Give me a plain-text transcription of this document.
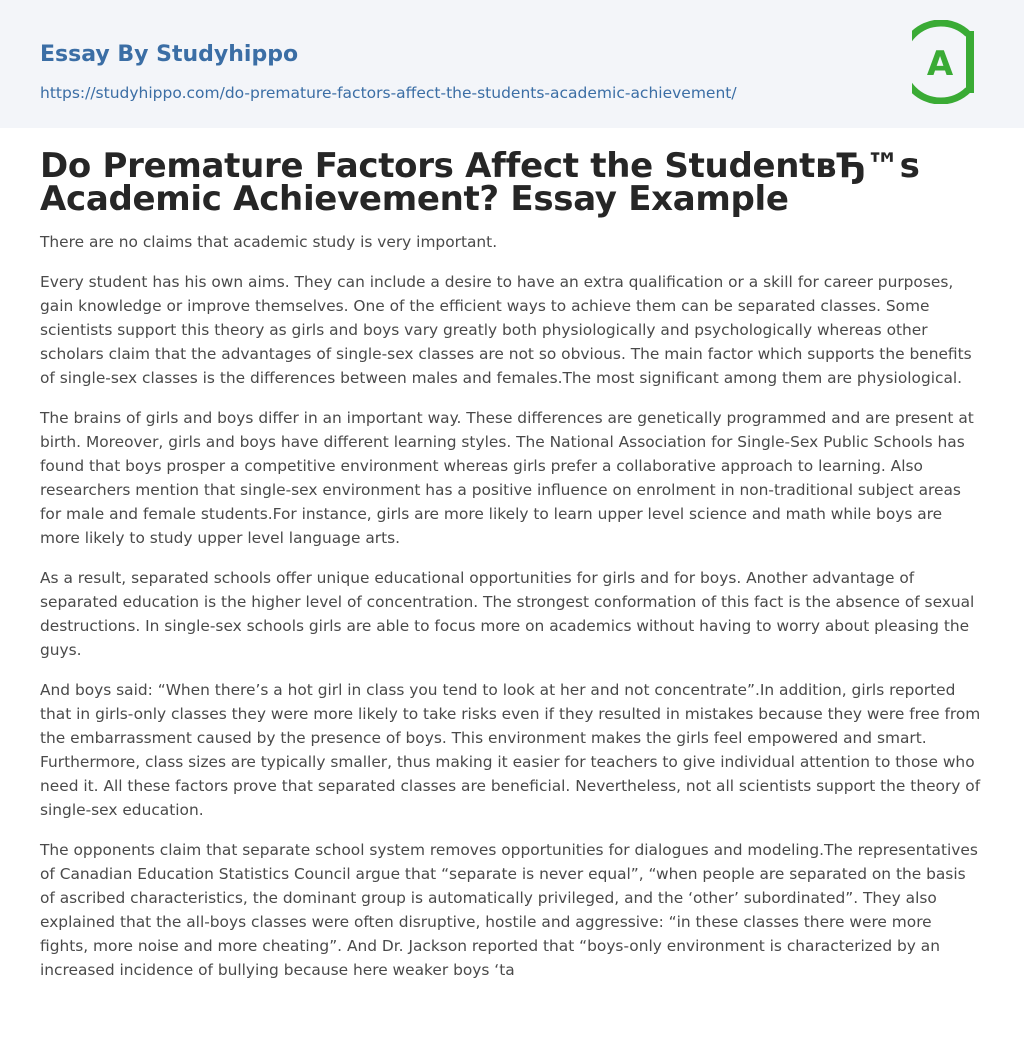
Essay By Studyhippo
https://studyhippo.com/do-premature-factors-affect-the-students-academic-achievement/
A
Do Premature Factors Affect the StudentвЂ™s Academic Achievement? Essay Example

There are no claims that academic study is very important.

Every student has his own aims. They can include a desire to have an extra qualification or a skill for career purposes, gain knowledge or improve themselves. One of the efficient ways to achieve them can be separated classes. Some scientists support this theory as girls and boys vary greatly both physiologically and psychologically whereas other scholars claim that the advantages of single-sex classes are not so obvious. The main factor which supports the benefits of single-sex classes is the differences between males and females.The most significant among them are physiological.

The brains of girls and boys differ in an important way. These differences are genetically programmed and are present at birth. Moreover, girls and boys have different learning styles. The National Association for Single-Sex Public Schools has found that boys prosper a competitive environment whereas girls prefer a collaborative approach to learning. Also researchers mention that single-sex environment has a positive influence on enrolment in non-traditional subject areas for male and female students.For instance, girls are more likely to learn upper level science and math while boys are more likely to study upper level language arts.

As a result, separated schools offer unique educational opportunities for girls and for boys. Another advantage of separated education is the higher level of concentration. The strongest conformation of this fact is the absence of sexual destructions. In single-sex schools girls are able to focus more on academics without having to worry about pleasing the guys.

And boys said: “When there’s a hot girl in class you tend to look at her and not concentrate”.In addition, girls reported that in girls-only classes they were more likely to take risks even if they resulted in mistakes because they were free from the embarrassment caused by the presence of boys. This environment makes the girls feel empowered and smart. Furthermore, class sizes are typically smaller, thus making it easier for teachers to give individual attention to those who need it. All these factors prove that separated classes are beneficial. Nevertheless, not all scientists support the theory of single-sex education.

The opponents claim that separate school system removes opportunities for dialogues and modeling.The representatives of Canadian Education Statistics Council argue that “separate is never equal”, “when people are separated on the basis of ascribed characteristics, the dominant group is automatically privileged, and the ‘other’ subordinated”. They also explained that the all-boys classes were often disruptive, hostile and aggressive: “in these classes there were more fights, more noise and more cheating”. And Dr. Jackson reported that “boys-only environment is characterized by an increased incidence of bullying because here weaker boys ‘ta
